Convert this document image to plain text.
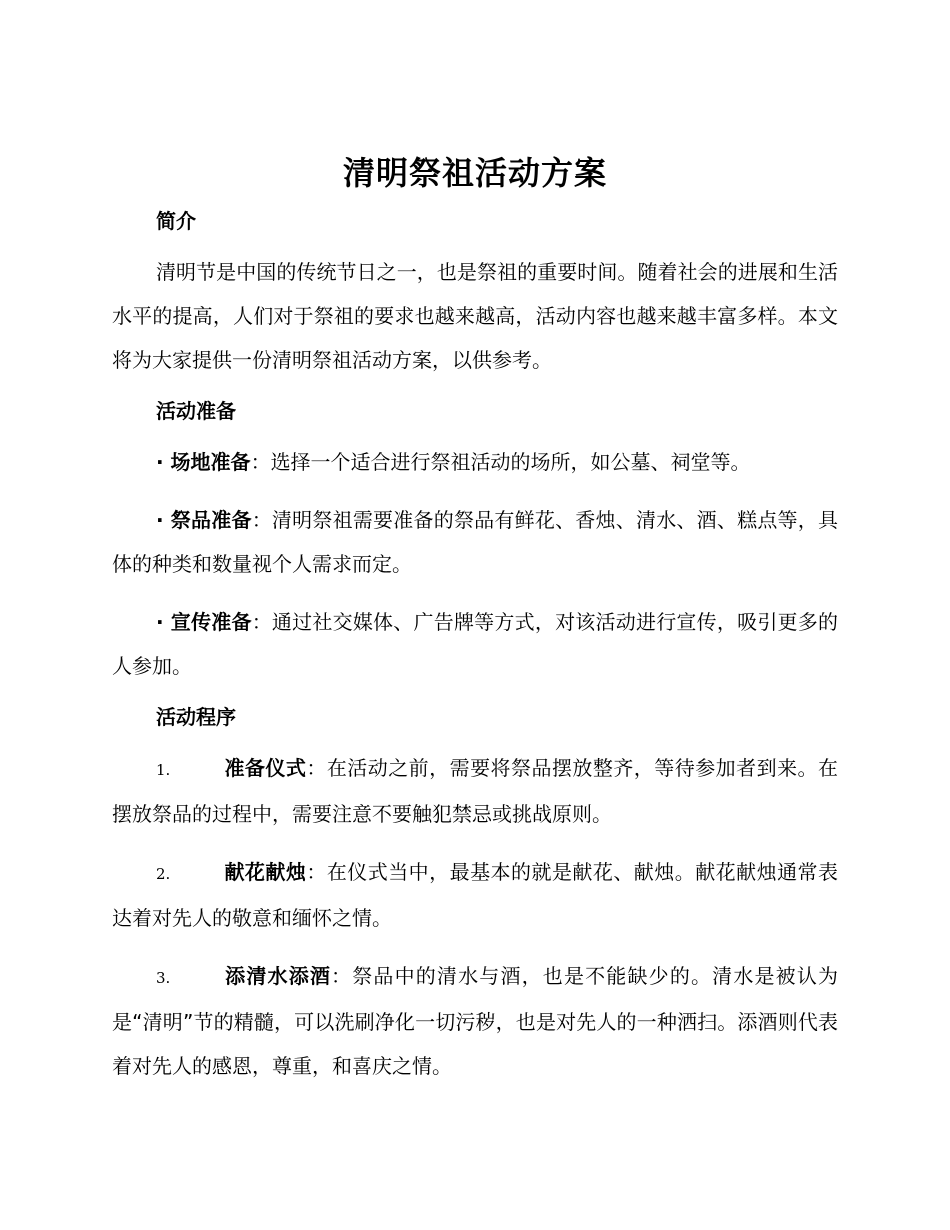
清明祭祖活动方案
简介

清明节是中国的传统节日之一，也是祭祖的重要时间。随着社会的进展和生活水平的提高，人们对于祭祖的要求也越来越高，活动内容也越来越丰富多样。本文将为大家提供一份清明祭祖活动方案，以供参考。

活动准备

· 场地准备：选择一个适合进行祭祖活动的场所，如公墓、祠堂等。

· 祭品准备：清明祭祖需要准备的祭品有鲜花、香烛、清水、酒、糕点等，具体的种类和数量视个人需求而定。

· 宣传准备：通过社交媒体、广告牌等方式，对该活动进行宣传，吸引更多的人参加。

活动程序

1.	准备仪式：在活动之前，需要将祭品摆放整齐，等待参加者到来。在摆放祭品的过程中，需要注意不要触犯禁忌或挑战原则。

2.	献花献烛：在仪式当中，最基本的就是献花、献烛。献花献烛通常表达着对先人的敬意和缅怀之情。

3.	添清水添酒：祭品中的清水与酒，也是不能缺少的。清水是被认为是“清明”节的精髓，可以洗刷净化一切污秽，也是对先人的一种洒扫。添酒则代表着对先人的感恩，尊重，和喜庆之情。
